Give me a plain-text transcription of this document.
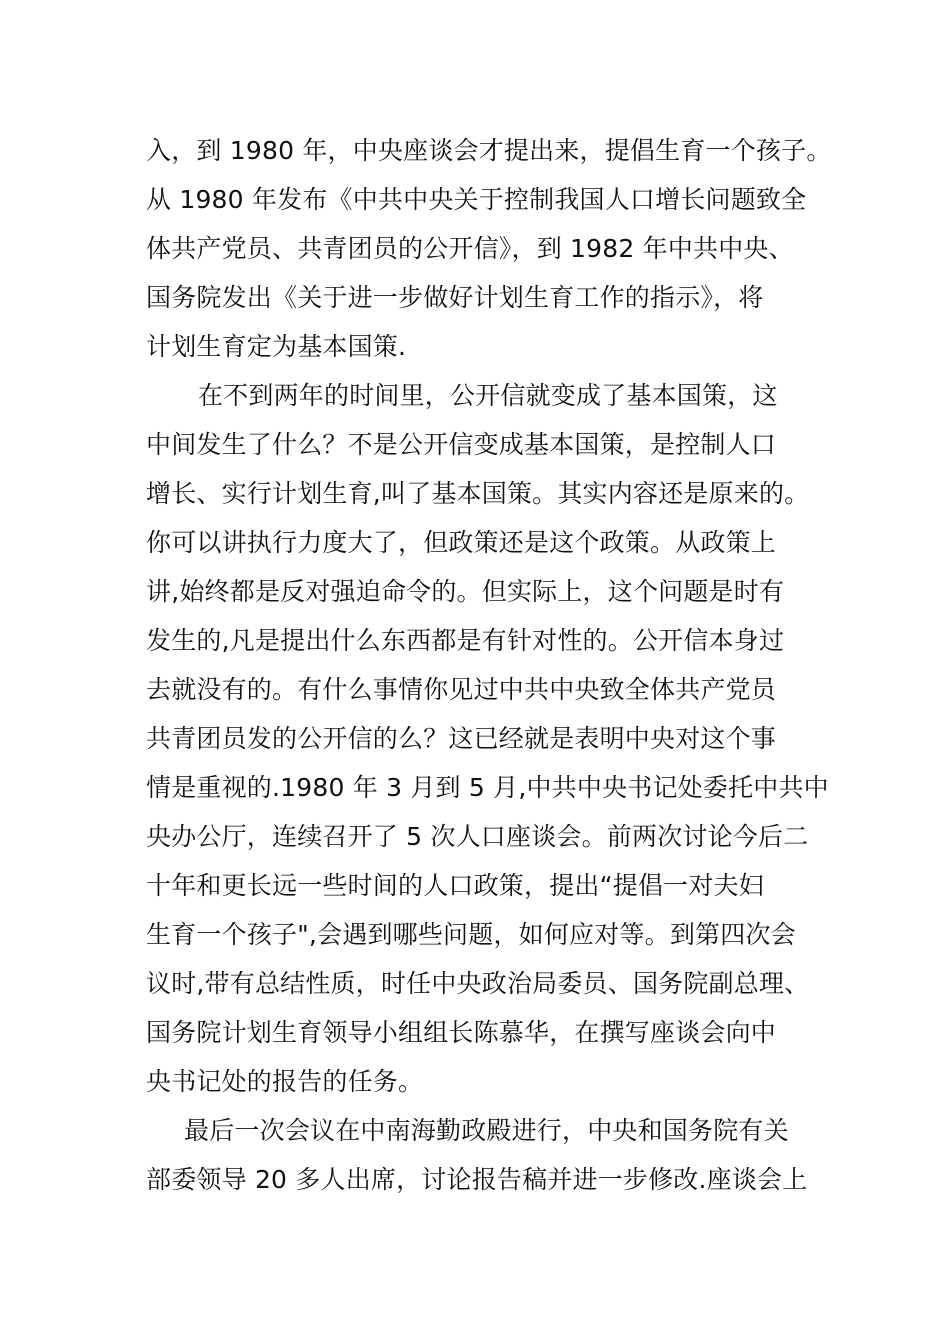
入，到 1980 年，中央座谈会才提出来，提倡生育一个孩子。
从 1980 年发布《中共中央关于控制我国人口增长问题致全
体共产党员、共青团员的公开信》，到 1982 年中共中央、
国务院发出《关于进一步做好计划生育工作的指示》，将
计划生育定为基本国策.
在不到两年的时间里，公开信就变成了基本国策，这
中间发生了什么？不是公开信变成基本国策，是控制人口
增长、实行计划生育,叫了基本国策。其实内容还是原来的。
你可以讲执行力度大了，但政策还是这个政策。从政策上
讲,始终都是反对强迫命令的。但实际上，这个问题是时有
发生的,凡是提出什么东西都是有针对性的。公开信本身过
去就没有的。有什么事情你见过中共中央致全体共产党员
共青团员发的公开信的么？这已经就是表明中央对这个事
情是重视的.1980 年 3 月到 5 月,中共中央书记处委托中共中
央办公厅，连续召开了 5 次人口座谈会。前两次讨论今后二
十年和更长远一些时间的人口政策，提出“提倡一对夫妇
生育一个孩子",会遇到哪些问题，如何应对等。到第四次会
议时,带有总结性质，时任中央政治局委员、国务院副总理、
国务院计划生育领导小组组长陈慕华，在撰写座谈会向中
央书记处的报告的任务。
最后一次会议在中南海勤政殿进行，中央和国务院有关
部委领导 20 多人出席，讨论报告稿并进一步修改.座谈会上
